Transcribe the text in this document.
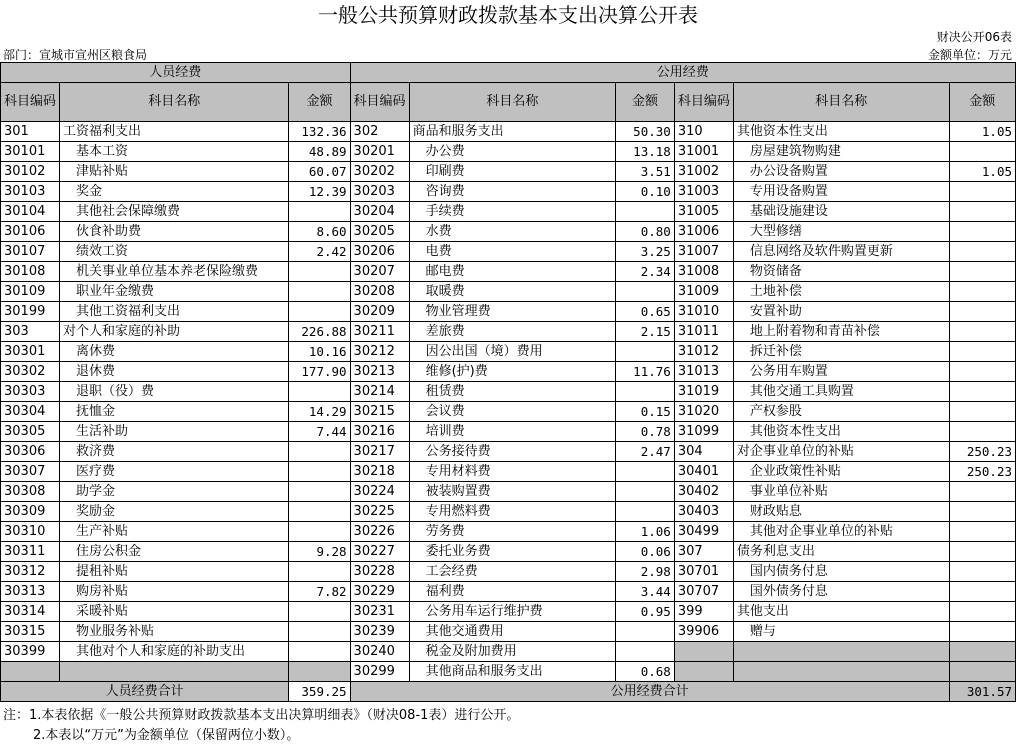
一般公共预算财政拨款基本支出决算公开表
财决公开06表
部门：宣城市宣州区粮食局	金额单位：万元
人员经费			公用经费					
科目编码	科目名称	金额	科目编码	科目名称	金额	科目编码	科目名称	金额
301	工资福利支出	132.36	302	商品和服务支出	50.30	310	其他资本性支出	1.05
30101	基本工资	48.89	30201	办公费	13.18	31001	房屋建筑物购建	
30102	津贴补贴	60.07	30202	印刷费	3.51	31002	办公设备购置	1.05
30103	奖金	12.39	30203	咨询费	0.10	31003	专用设备购置	
30104	其他社会保障缴费		30204	手续费		31005	基础设施建设	
30106	伙食补助费	8.60	30205	水费	0.80	31006	大型修缮	
30107	绩效工资	2.42	30206	电费	3.25	31007	信息网络及软件购置更新	
30108	机关事业单位基本养老保险缴费		30207	邮电费	2.34	31008	物资储备	
30109	职业年金缴费		30208	取暖费		31009	土地补偿	
30199	其他工资福利支出		30209	物业管理费	0.65	31010	安置补助	
303	对个人和家庭的补助	226.88	30211	差旅费	2.15	31011	地上附着物和青苗补偿	
30301	离休费	10.16	30212	因公出国（境）费用		31012	拆迁补偿	
30302	退休费	177.90	30213	维修(护)费	11.76	31013	公务用车购置	
30303	退职（役）费		30214	租赁费		31019	其他交通工具购置	
30304	抚恤金	14.29	30215	会议费	0.15	31020	产权参股	
30305	生活补助	7.44	30216	培训费	0.78	31099	其他资本性支出	
30306	救济费		30217	公务接待费	2.47	304	对企事业单位的补贴	250.23
30307	医疗费		30218	专用材料费		30401	企业政策性补贴	250.23
30308	助学金		30224	被装购置费		30402	事业单位补贴	
30309	奖励金		30225	专用燃料费		30403	财政贴息	
30310	生产补贴		30226	劳务费	1.06	30499	其他对企事业单位的补贴	
30311	住房公积金	9.28	30227	委托业务费	0.06	307	债务利息支出	
30312	提租补贴		30228	工会经费	2.98	30701	国内债务付息	
30313	购房补贴	7.82	30229	福利费	3.44	30707	国外债务付息	
30314	采暖补贴		30231	公务用车运行维护费	0.95	399	其他支出	
30315	物业服务补贴		30239	其他交通费用		39906	赠与	
30399	其他对个人和家庭的补助支出		30240	税金及附加费用				
			30299	其他商品和服务支出	0.68			
人员经费合计		359.25	公用经费合计					301.57
注：1.本表依据《一般公共预算财政拨款基本支出决算明细表》（财决08-1表）进行公开。
2.本表以“万元”为金额单位（保留两位小数）。
